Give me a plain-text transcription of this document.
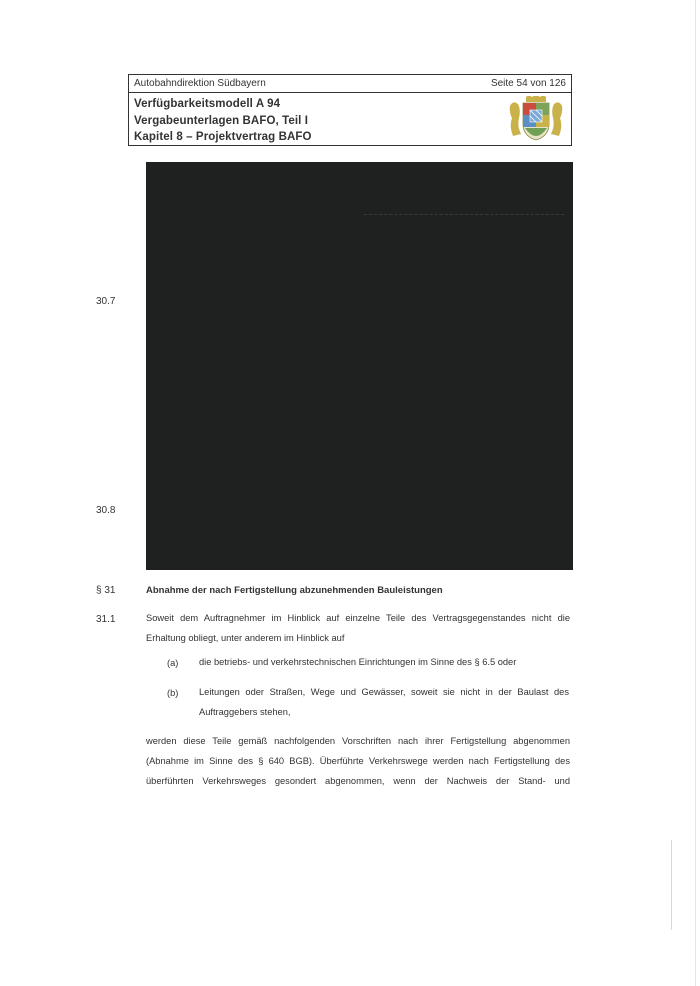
Autobahndirektion Südbayern	Seite 54 von 126
Verfügbarkeitsmodell A 94
Vergabeunterlagen BAFO, Teil I
Kapitel 8 – Projektvertrag BAFO
30.7
30.8
§ 31	Abnahme der nach Fertigstellung abzunehmenden Bauleistungen
31.1	Soweit dem Auftragnehmer im Hinblick auf einzelne Teile des Vertragsgegenstandes nicht die
Erhaltung obliegt, unter anderem im Hinblick auf
(a) die betriebs- und verkehrstechnischen Einrichtungen im Sinne des § 6.5 oder
(b) Leitungen oder Straßen, Wege und Gewässer, soweit sie nicht in der Baulast des
Auftraggebers stehen,
werden diese Teile gemäß nachfolgenden Vorschriften nach ihrer Fertigstellung abgenommen
(Abnahme im Sinne des § 640 BGB). Überführte Verkehrswege werden nach Fertigstellung des
überführten Verkehrsweges gesondert abgenommen, wenn der Nachweis der Stand- und
